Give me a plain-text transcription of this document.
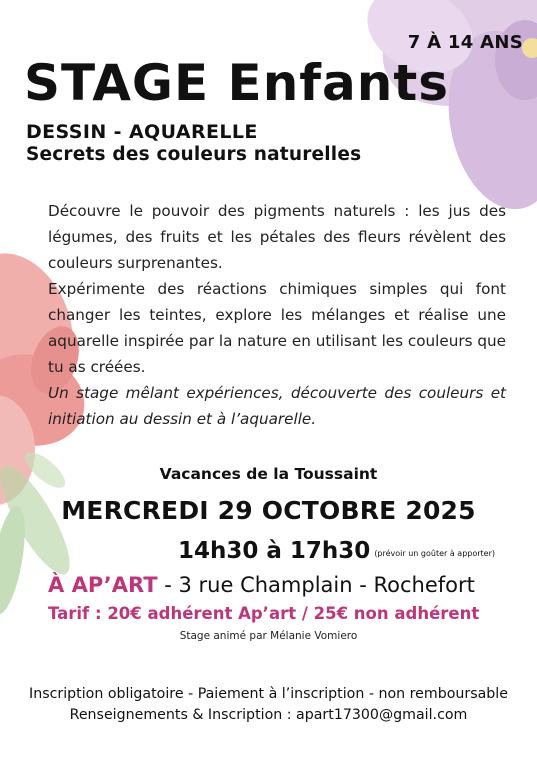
7 À 14 ANS
STAGE Enfants
DESSIN - AQUARELLE
Secrets des couleurs naturelles

Découvre le pouvoir des pigments naturels : les jus des légumes, des fruits et les pétales des fleurs révèlent des couleurs surprenantes.

Expérimente des réactions chimiques simples qui font changer les teintes, explore les mélanges et réalise une aquarelle inspirée par la nature en utilisant les couleurs que tu as créées.

Un stage mêlant expériences, découverte des couleurs et initiation au dessin et à l’aquarelle.

Vacances de la Toussaint
MERCREDI 29 OCTOBRE 2025
14h30 à 17h30 (prévoir un goûter à apporter)
À AP’ART - 3 rue Champlain - Rochefort
Tarif : 20€ adhérent Ap’art / 25€ non adhérent
Stage animé par Mélanie Vomiero
Inscription obligatoire - Paiement à l’inscription - non remboursable
Renseignements & Inscription : apart17300@gmail.com
